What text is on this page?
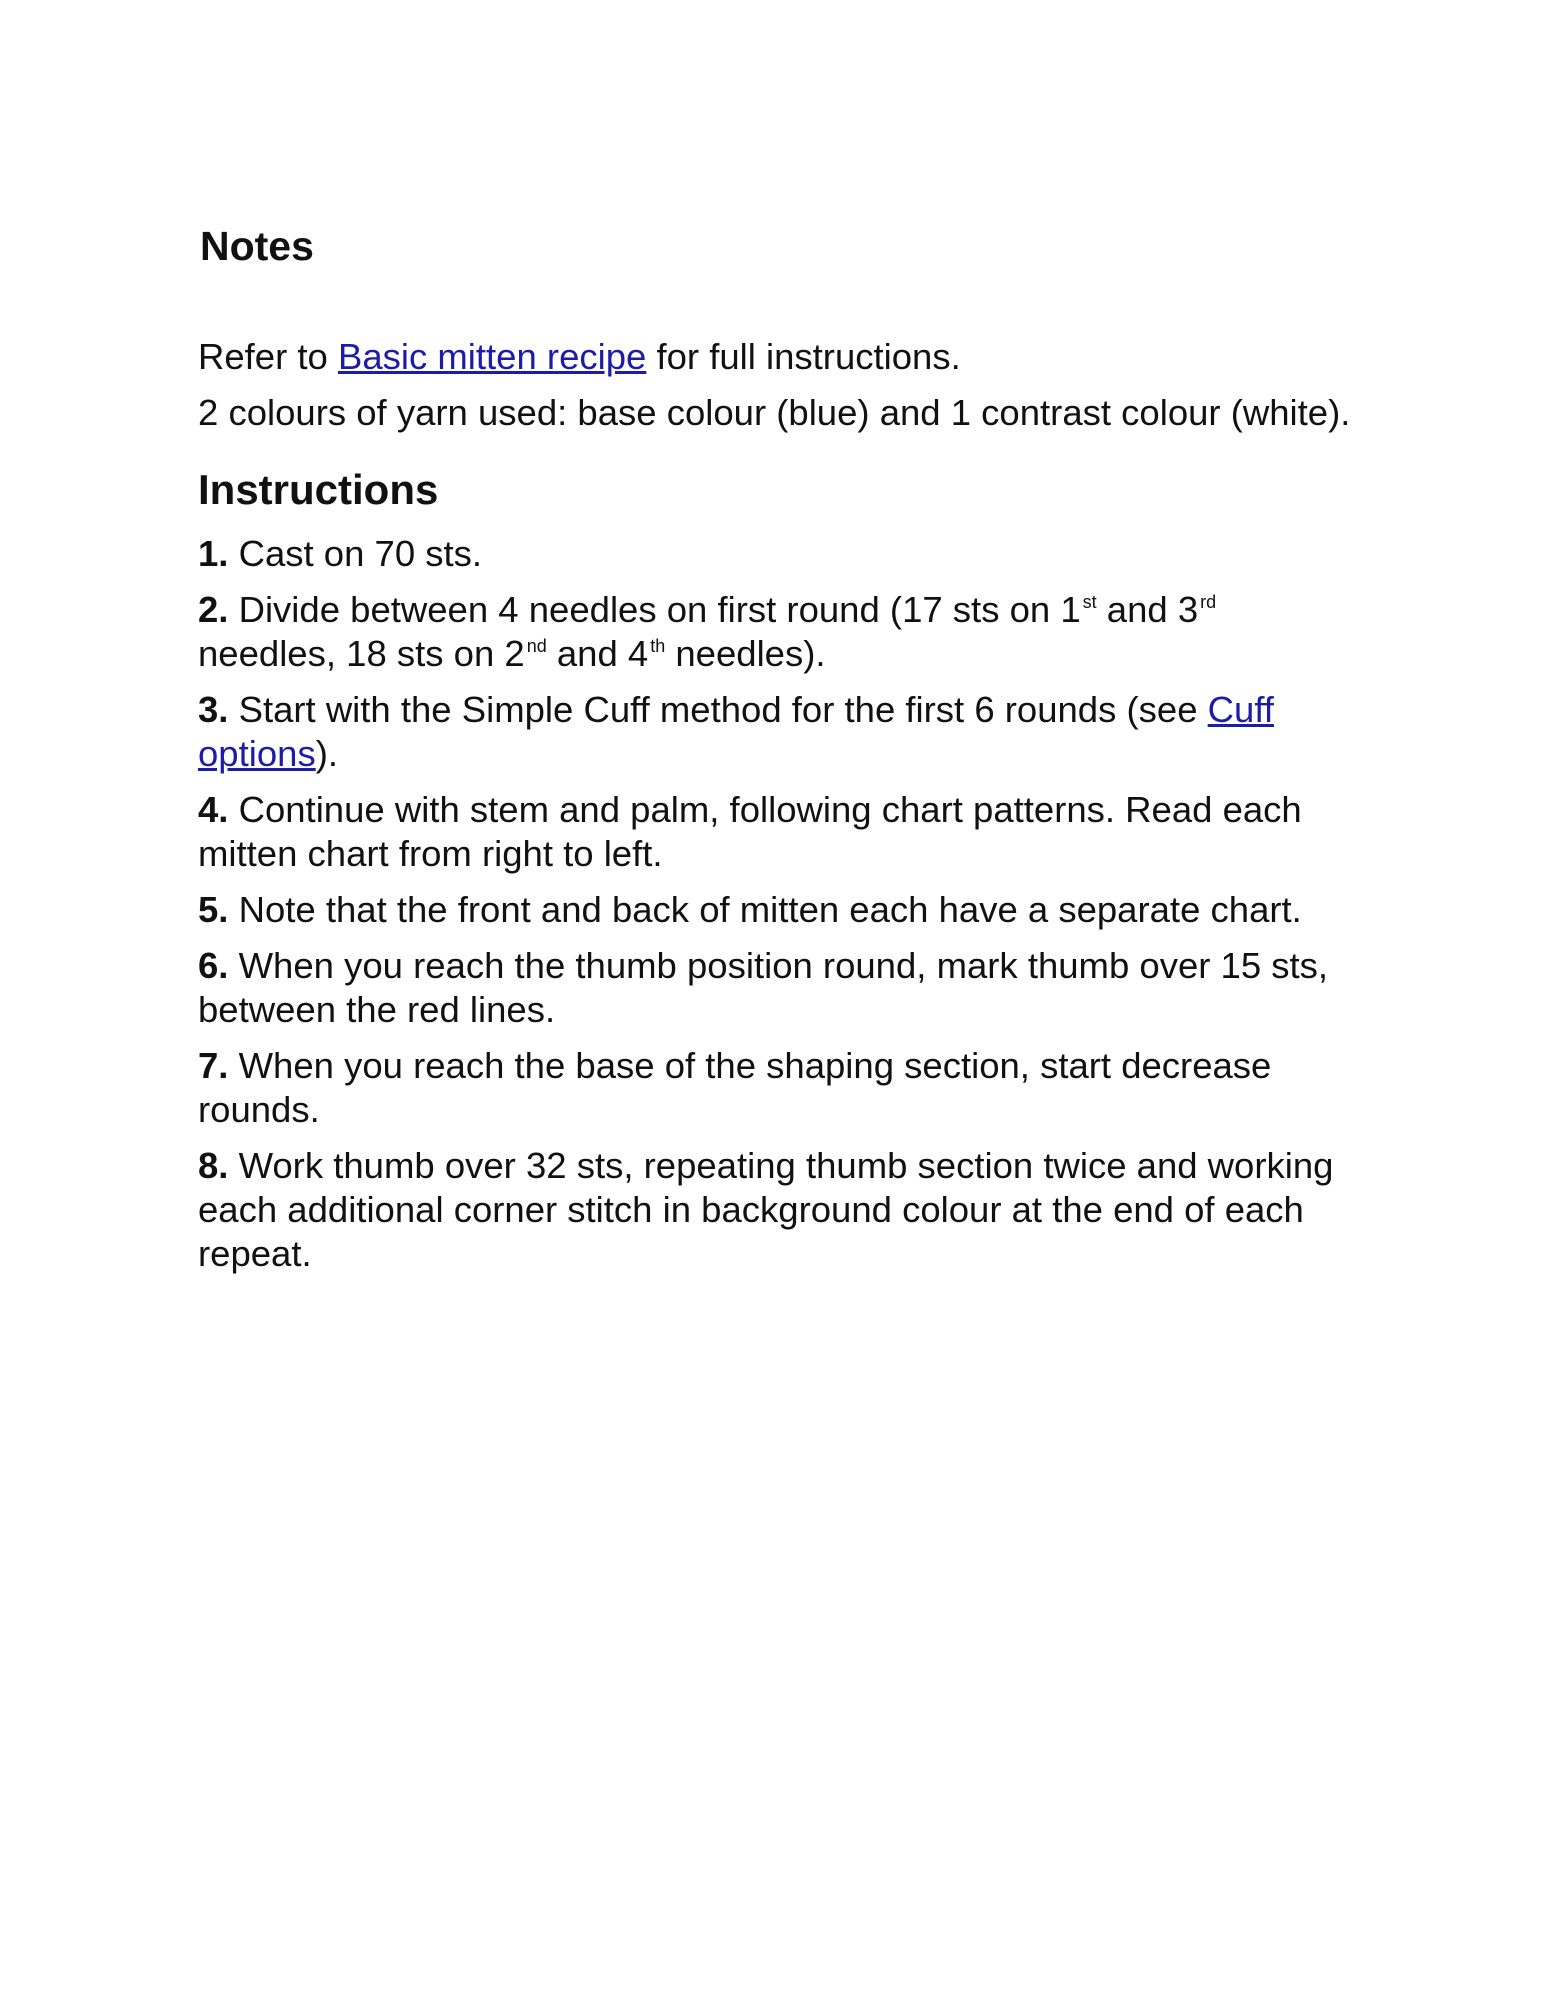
Notes

Refer to Basic mitten recipe for full instructions.

2 colours of yarn used: base colour (blue) and 1 contrast colour (white).

Instructions

1. Cast on 70 sts.

2. Divide between 4 needles on first round (17 sts on 1 $^{st}$ and 3 $^{rd}$ needles, 18 sts on 2 $^{nd}$ and 4 $^{th}$ needles).

3. Start with the Simple Cuff method for the first 6 rounds (see Cuff options).

4. Continue with stem and palm, following chart patterns. Read each mitten chart from right to left.

5. Note that the front and back of mitten each have a separate chart.

6. When you reach the thumb position round, mark thumb over 15 sts, between the red lines.

7. When you reach the base of the shaping section, start decrease rounds.

8. Work thumb over 32 sts, repeating thumb section twice and working each additional corner stitch in background colour at the end of each repeat.
